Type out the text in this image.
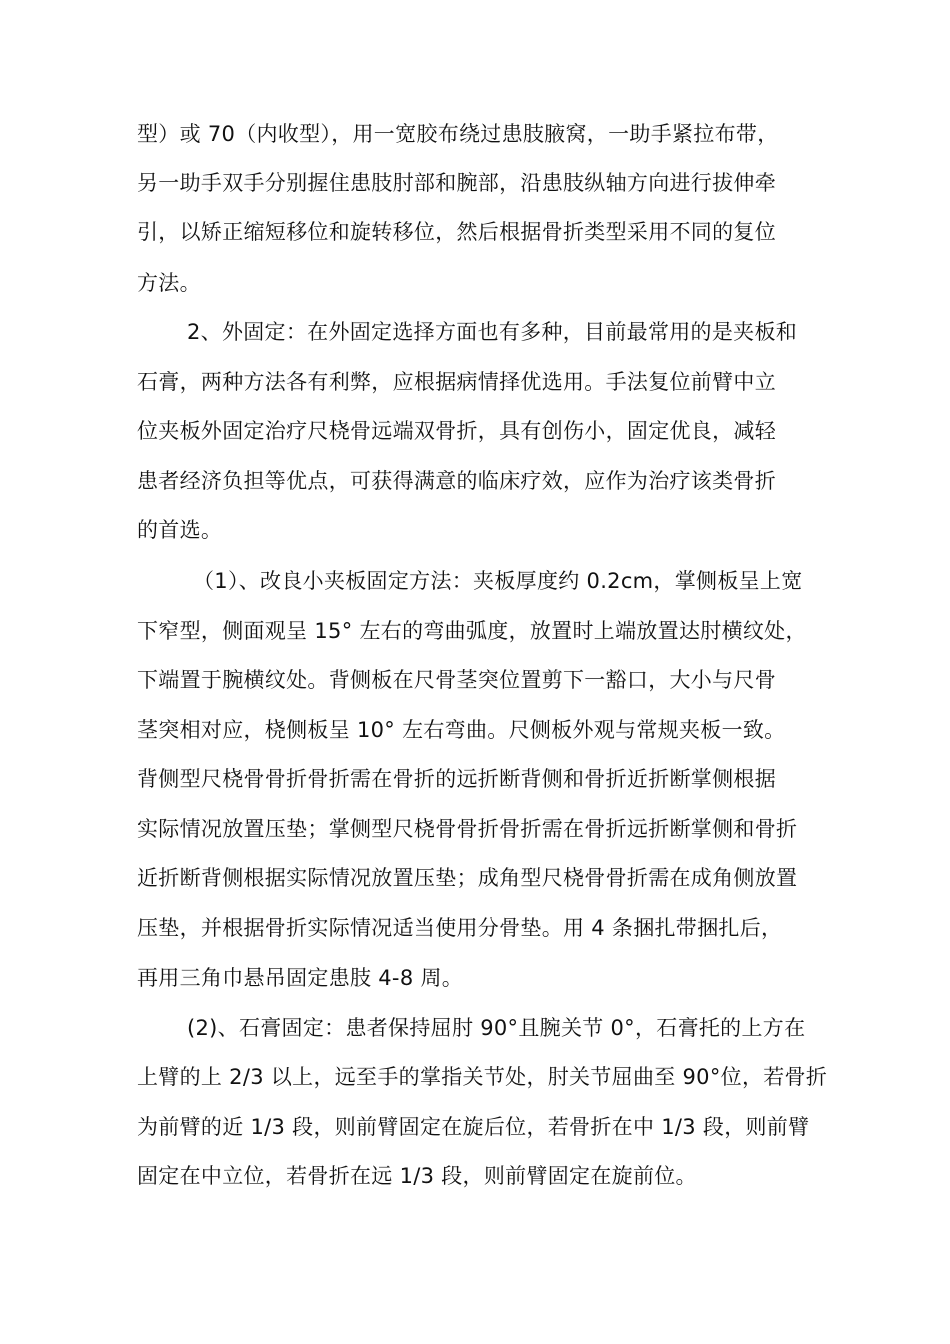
型）或 70（内收型），用一宽胶布绕过患肢腋窝，一助手紧拉布带，
另一助手双手分别握住患肢肘部和腕部，沿患肢纵轴方向进行拔伸牵
引，以矫正缩短移位和旋转移位，然后根据骨折类型采用不同的复位
方法。
2、外固定：在外固定选择方面也有多种，目前最常用的是夹板和
石膏，两种方法各有利弊，应根据病情择优选用。手法复位前臂中立
位夹板外固定治疗尺桡骨远端双骨折，具有创伤小，固定优良，减轻
患者经济负担等优点，可获得满意的临床疗效，应作为治疗该类骨折
的首选。
（1）、改良小夹板固定方法：夹板厚度约 0.2cm，掌侧板呈上宽
下窄型，侧面观呈 15° 左右的弯曲弧度，放置时上端放置达肘横纹处，
下端置于腕横纹处。背侧板在尺骨茎突位置剪下一豁口，大小与尺骨
茎突相对应，桡侧板呈 10° 左右弯曲。尺侧板外观与常规夹板一致。
背侧型尺桡骨骨折骨折需在骨折的远折断背侧和骨折近折断掌侧根据
实际情况放置压垫；掌侧型尺桡骨骨折骨折需在骨折远折断掌侧和骨折
近折断背侧根据实际情况放置压垫；成角型尺桡骨骨折需在成角侧放置
压垫，并根据骨折实际情况适当使用分骨垫。用 4 条捆扎带捆扎后，
再用三角巾悬吊固定患肢 4-8 周。
(2)、石膏固定：患者保持屈肘 90°且腕关节 0°，石膏托的上方在
上臂的上 2/3 以上，远至手的掌指关节处，肘关节屈曲至 90°位，若骨折
为前臂的近 1/3 段，则前臂固定在旋后位，若骨折在中 1/3 段，则前臂
固定在中立位，若骨折在远 1/3 段，则前臂固定在旋前位。
